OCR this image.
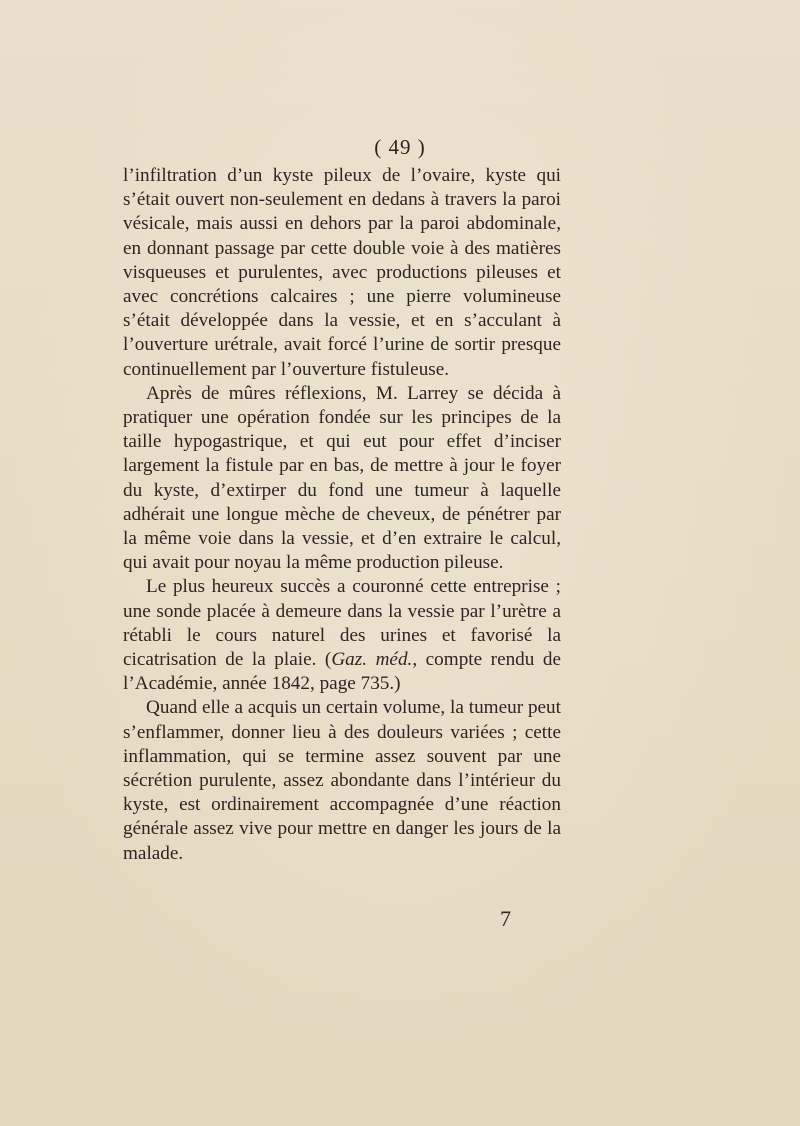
( 49 )

l’infiltration d’un kyste pileux de l’ovaire, kyste qui s’était ouvert non-seulement en dedans à travers la paroi vésicale, mais aussi en dehors par la paroi abdominale, en donnant passage par cette double voie à des matières visqueuses et purulentes, avec productions pileuses et avec concrétions calcaires ; une pierre volumineuse s’était développée dans la vessie, et en s’acculant à l’ouverture urétrale, avait forcé l’urine de sortir presque continuellement par l’ouverture fistuleuse.

Après de mûres réflexions, M. Larrey se décida à pratiquer une opération fondée sur les principes de la taille hypogastrique, et qui eut pour effet d’inciser largement la fistule par en bas, de mettre à jour le foyer du kyste, d’extirper du fond une tumeur à laquelle adhérait une longue mèche de cheveux, de pénétrer par la même voie dans la vessie, et d’en extraire le calcul, qui avait pour noyau la même production pileuse.

Le plus heureux succès a couronné cette entreprise ; une sonde placée à demeure dans la vessie par l’urètre a rétabli le cours naturel des urines et favorisé la cicatrisation de la plaie. (Gaz. méd., compte rendu de l’Académie, année 1842, page 735.)

Quand elle a acquis un certain volume, la tumeur peut s’enflammer, donner lieu à des douleurs variées ; cette inflammation, qui se termine assez souvent par une sécrétion purulente, assez abondante dans l’intérieur du kyste, est ordinairement accompagnée d’une réaction générale assez vive pour mettre en danger les jours de la malade.

7
